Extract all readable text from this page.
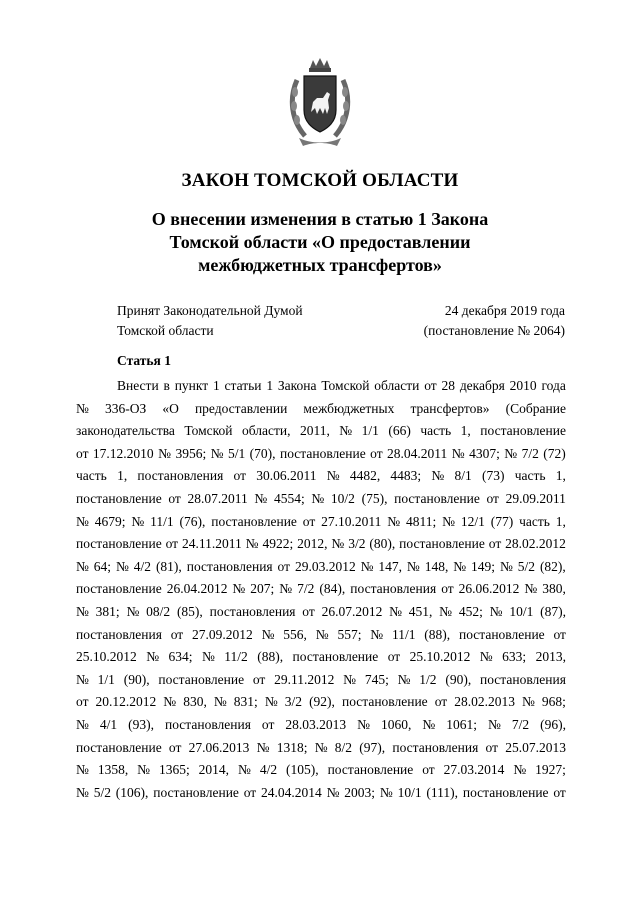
ЗАКОН ТОМСКОЙ ОБЛАСТИ
О внесении изменения в статью 1 Закона
Томской области «О предоставлении
межбюджетных трансфертов»
Принят Законодательной Думой
Томской области
24 декабря 2019 года
(постановление № 2064)
Статья 1
Внести в пункт 1 статьи 1 Закона Томской области от 28 декабря 2010 года
№ 336-ОЗ «О предоставлении межбюджетных трансфертов» (Собрание
законодательства Томской области, 2011, № 1/1 (66) часть 1, постановление
от 17.12.2010 № 3956; № 5/1 (70), постановление от 28.04.2011 № 4307; № 7/2 (72)
часть 1, постановления от 30.06.2011 № 4482, 4483; № 8/1 (73) часть 1,
постановление от 28.07.2011 № 4554; № 10/2 (75), постановление от 29.09.2011
№ 4679; № 11/1 (76), постановление от 27.10.2011 № 4811; № 12/1 (77) часть 1,
постановление от 24.11.2011 № 4922; 2012, № 3/2 (80), постановление от 28.02.2012
№ 64; № 4/2 (81), постановления от 29.03.2012 № 147, № 148, № 149; № 5/2 (82),
постановление 26.04.2012 № 207; № 7/2 (84), постановления от 26.06.2012 № 380,
№ 381; № 08/2 (85), постановления от 26.07.2012 № 451, № 452; № 10/1 (87),
постановления от 27.09.2012 № 556, № 557; № 11/1 (88), постановление от
25.10.2012 № 634; № 11/2 (88), постановление от 25.10.2012 № 633; 2013,
№ 1/1 (90), постановление от 29.11.2012 № 745; № 1/2 (90), постановления
от 20.12.2012 № 830, № 831; № 3/2 (92), постановление от 28.02.2013 № 968;
№ 4/1 (93), постановления от 28.03.2013 № 1060, № 1061; № 7/2 (96),
постановление от 27.06.2013 № 1318; № 8/2 (97), постановления от 25.07.2013
№ 1358, № 1365; 2014, № 4/2 (105), постановление от 27.03.2014 № 1927;
№ 5/2 (106), постановление от 24.04.2014 № 2003; № 10/1 (111), постановление от
